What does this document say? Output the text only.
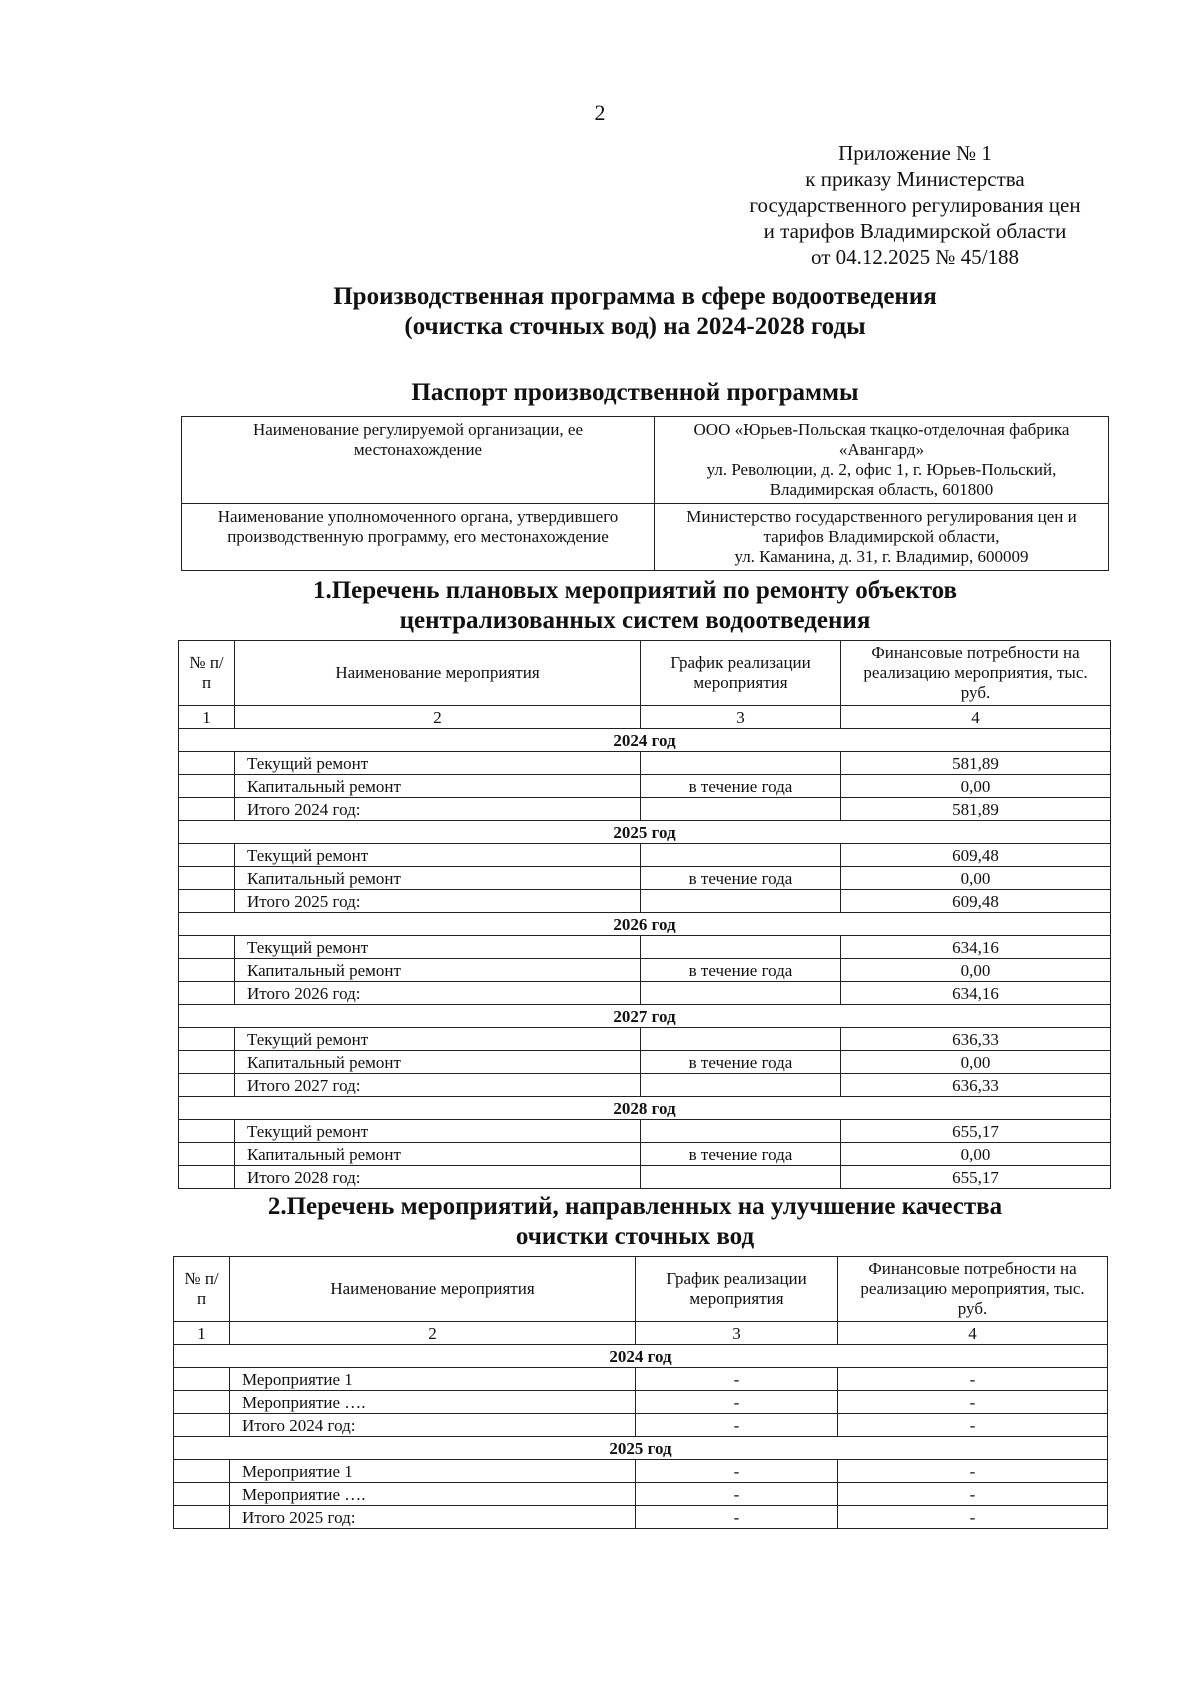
2
Приложение № 1
к приказу Министерства
государственного регулирования цен
и тарифов Владимирской области
от 04.12.2025 № 45/188
Производственная программа в сфере водоотведения
(очистка сточных вод) на 2024-2028 годы
Паспорт производственной программы
Наименование регулируемой организации, ее местонахождение	ООО «Юрьев-Польская ткацко-отделочная фабрика «Авангард»
ул. Революции, д. 2, офис 1, г. Юрьев-Польский, Владимирская область, 601800

Наименование уполномоченного органа, утвердившего производственную программу, его местонахождение	Министерство государственного регулирования цен и тарифов Владимирской области,
ул. Каманина, д. 31, г. Владимир, 600009
1.Перечень плановых мероприятий по ремонту объектов
централизованных систем водоотведения
№ п/п	Наименование мероприятия	График реализации мероприятия	Финансовые потребности на реализацию мероприятия, тыс. руб.
1	2	3	4
2024 год			
	Текущий ремонт		581,89
	Капитальный ремонт	в течение года	0,00
	Итого 2024 год:		581,89
2025 год			
	Текущий ремонт		609,48
	Капитальный ремонт	в течение года	0,00
	Итого 2025 год:		609,48
2026 год			
	Текущий ремонт		634,16
	Капитальный ремонт	в течение года	0,00
	Итого 2026 год:		634,16
2027 год			
	Текущий ремонт		636,33
	Капитальный ремонт	в течение года	0,00
	Итого 2027 год:		636,33
2028 год			
	Текущий ремонт		655,17
	Капитальный ремонт	в течение года	0,00
	Итого 2028 год:		655,17
2.Перечень мероприятий, направленных на улучшение качества
очистки сточных вод
№ п/п	Наименование мероприятия	График реализации мероприятия	Финансовые потребности на реализацию мероприятия, тыс. руб.
1	2	3	4
2024 год			
	Мероприятие 1	-	-
	Мероприятие ….	-	-
	Итого 2024 год:	-	-
2025 год			
	Мероприятие 1	-	-
	Мероприятие ….	-	-
	Итого 2025 год:	-	-
